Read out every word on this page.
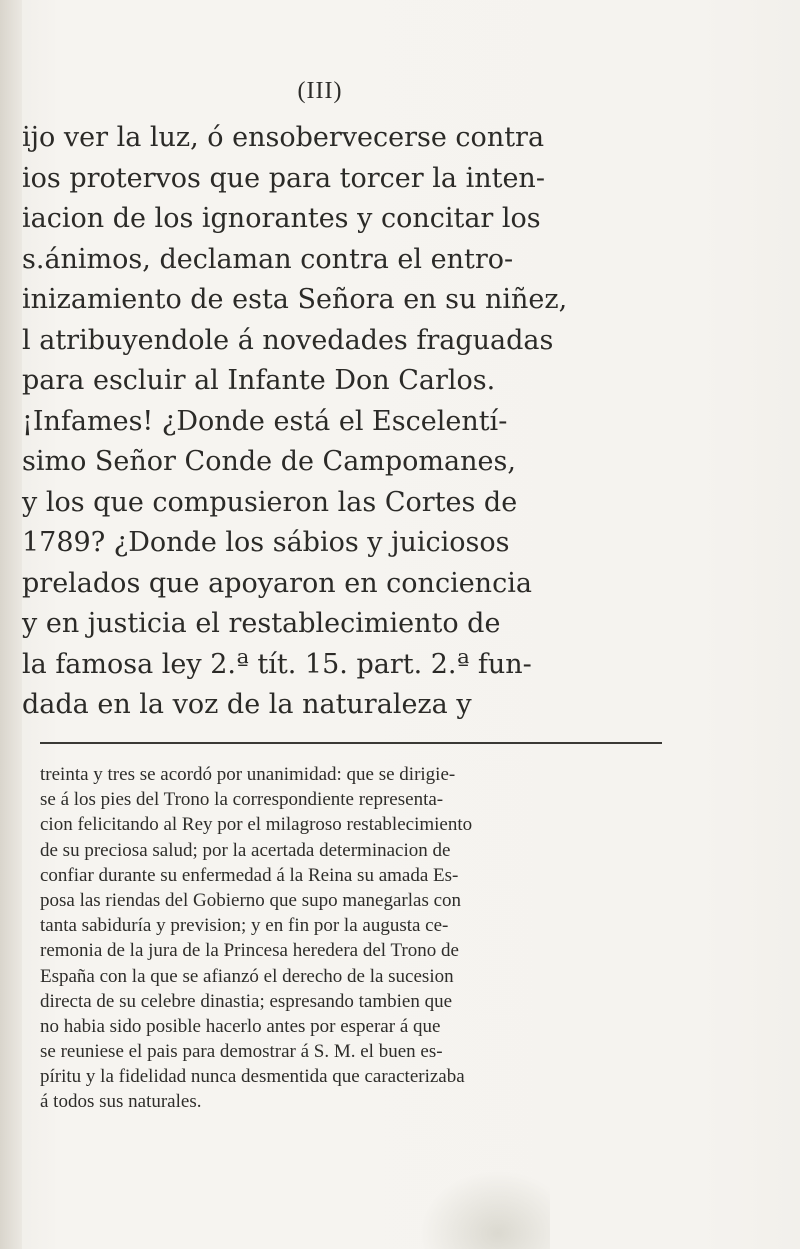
(III)
ijo ver la luz, ó ensobervecerse contra
ios protervos que para torcer la inten-
iacion de los ignorantes y concitar los
s.ánimos, declaman contra el entro-
inizamiento de esta Señora en su niñez,
l atribuyendole á novedades fraguadas
para escluir al Infante Don Carlos.
¡Infames! ¿Donde está el Escelentí-
simo Señor Conde de Campomanes,
y los que compusieron las Cortes de
1789? ¿Donde los sábios y juiciosos
prelados que apoyaron en conciencia
y en justicia el restablecimiento de
la famosa ley 2.ª tít. 15. part. 2.ª fun-
dada en la voz de la naturaleza y
treinta y tres se acordó por unanimidad: que se dirigie-
se á los pies del Trono la correspondiente representa-
cion felicitando al Rey por el milagroso restablecimiento
de su preciosa salud; por la acertada determinacion de
confiar durante su enfermedad á la Reina su amada Es-
posa las riendas del Gobierno que supo manegarlas con
tanta sabiduría y prevision; y en fin por la augusta ce-
remonia de la jura de la Princesa heredera del Trono de
España con la que se afianzó el derecho de la sucesion
directa de su celebre dinastia; espresando tambien que
no habia sido posible hacerlo antes por esperar á que
se reuniese el pais para demostrar á S. M. el buen es-
píritu y la fidelidad nunca desmentida que caracterizaba
á todos sus naturales.
